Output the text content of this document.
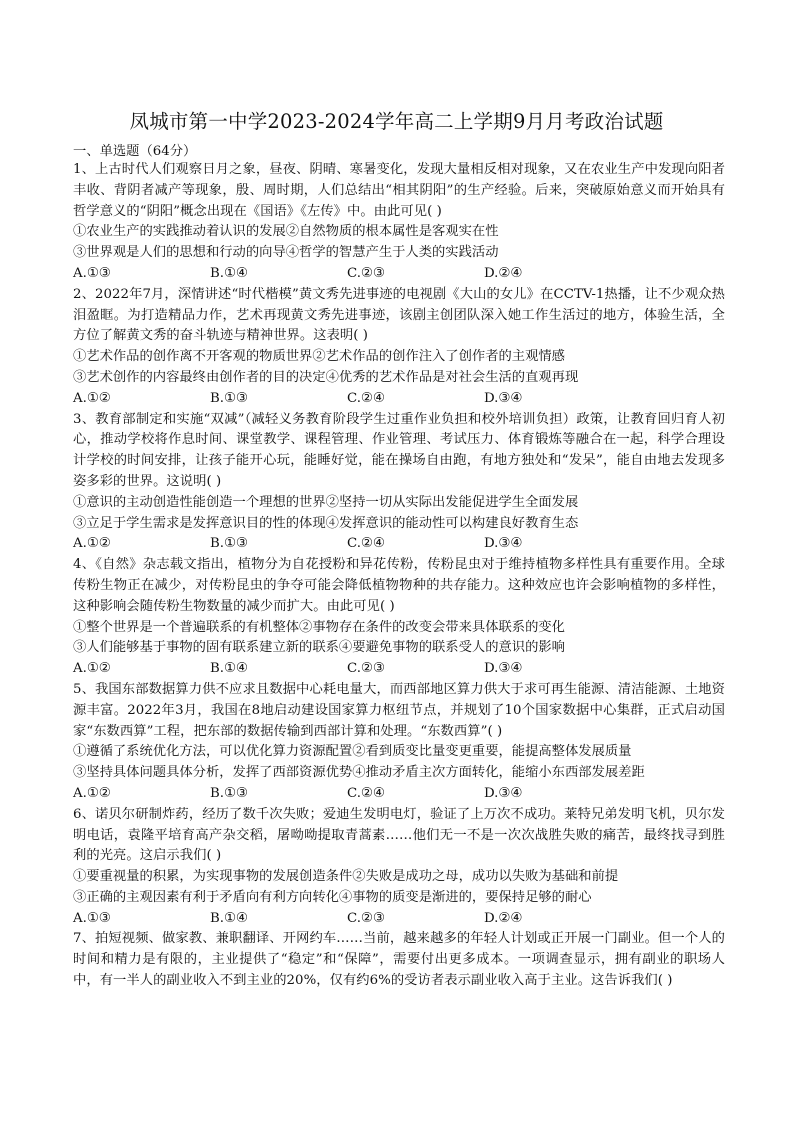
凤城市第一中学2023-2024学年高二上学期9月月考政治试题
一、单选题（64分）

1、上古时代人们观察日月之象，昼夜、阴晴、寒暑变化，发现大量相反相对现象，又在农业生产中发现向阳者丰收、背阴者减产等现象，殷、周时期，人们总结出“相其阴阳”的生产经验。后来，突破原始意义而开始具有哲学意义的“阴阳”概念出现在《国语》《左传》中。由此可见( )

①农业生产的实践推动着认识的发展②自然物质的根本属性是客观实在性

③世界观是人们的思想和行动的向导④哲学的智慧产生于人类的实践活动

A.①③	B.①④	C.②③	D.②④

2、2022年7月，深情讲述“时代楷模”黄文秀先进事迹的电视剧《大山的女儿》在CCTV-1热播，让不少观众热泪盈眶。为打造精品力作，艺术再现黄文秀先进事迹，该剧主创团队深入她工作生活过的地方，体验生活，全方位了解黄文秀的奋斗轨迹与精神世界。这表明( )

①艺术作品的创作离不开客观的物质世界②艺术作品的创作注入了创作者的主观情感

③艺术创作的内容最终由创作者的目的决定④优秀的艺术作品是对社会生活的直观再现

A.①②	B.①③	C.②④	D.③④

3、教育部制定和实施“双减”（减轻义务教育阶段学生过重作业负担和校外培训负担）政策，让教育回归育人初心，推动学校将作息时间、课堂教学、课程管理、作业管理、考试压力、体育锻炼等融合在一起，科学合理设计学校的时间安排，让孩子能开心玩，能睡好觉，能在操场自由跑，有地方独处和“发呆”，能自由地去发现多姿多彩的世界。这说明( )

①意识的主动创造性能创造一个理想的世界②坚持一切从实际出发能促进学生全面发展

③立足于学生需求是发挥意识目的性的体现④发挥意识的能动性可以构建良好教育生态

A.①②	B.①③	C.②④	D.③④

4、《自然》杂志载文指出，植物分为自花授粉和异花传粉，传粉昆虫对于维持植物多样性具有重要作用。全球传粉生物正在减少，对传粉昆虫的争夺可能会降低植物物种的共存能力。这种效应也许会影响植物的多样性，这种影响会随传粉生物数量的减少而扩大。由此可见( )

①整个世界是一个普遍联系的有机整体②事物存在条件的改变会带来具体联系的变化

③人们能够基于事物的固有联系建立新的联系④要避免事物的联系受人的意识的影响

A.①②	B.①④	C.②③	D.③④

5、我国东部数据算力供不应求且数据中心耗电量大，而西部地区算力供大于求可再生能源、清洁能源、土地资源丰富。2022年3月，我国在8地启动建设国家算力枢纽节点，并规划了10个国家数据中心集群，正式启动国家“东数西算”工程，把东部的数据传输到西部计算和处理。“东数西算”( )

①遵循了系统优化方法，可以优化算力资源配置②看到质变比量变更重要，能提高整体发展质量

③坚持具体问题具体分析，发挥了西部资源优势④推动矛盾主次方面转化，能缩小东西部发展差距

A.①②	B.①③	C.②④	D.③④

6、诺贝尔研制炸药，经历了数千次失败；爱迪生发明电灯，验证了上万次不成功。莱特兄弟发明飞机，贝尔发明电话，袁隆平培育高产杂交稻，屠呦呦提取青蒿素……他们无一不是一次次战胜失败的痛苦，最终找寻到胜利的光亮。这启示我们( )

①要重视量的积累，为实现事物的发展创造条件②失败是成功之母，成功以失败为基础和前提

③正确的主观因素有利于矛盾向有利方向转化④事物的质变是渐进的，要保持足够的耐心

A.①③	B.①④	C.②③	D.②④

7、拍短视频、做家教、兼职翻译、开网约车……当前，越来越多的年轻人计划或正开展一门副业。但一个人的时间和精力是有限的，主业提供了“稳定”和“保障”，需要付出更多成本。一项调查显示，拥有副业的职场人中，有一半人的副业收入不到主业的20%，仅有约6%的受访者表示副业收入高于主业。这告诉我们( )
